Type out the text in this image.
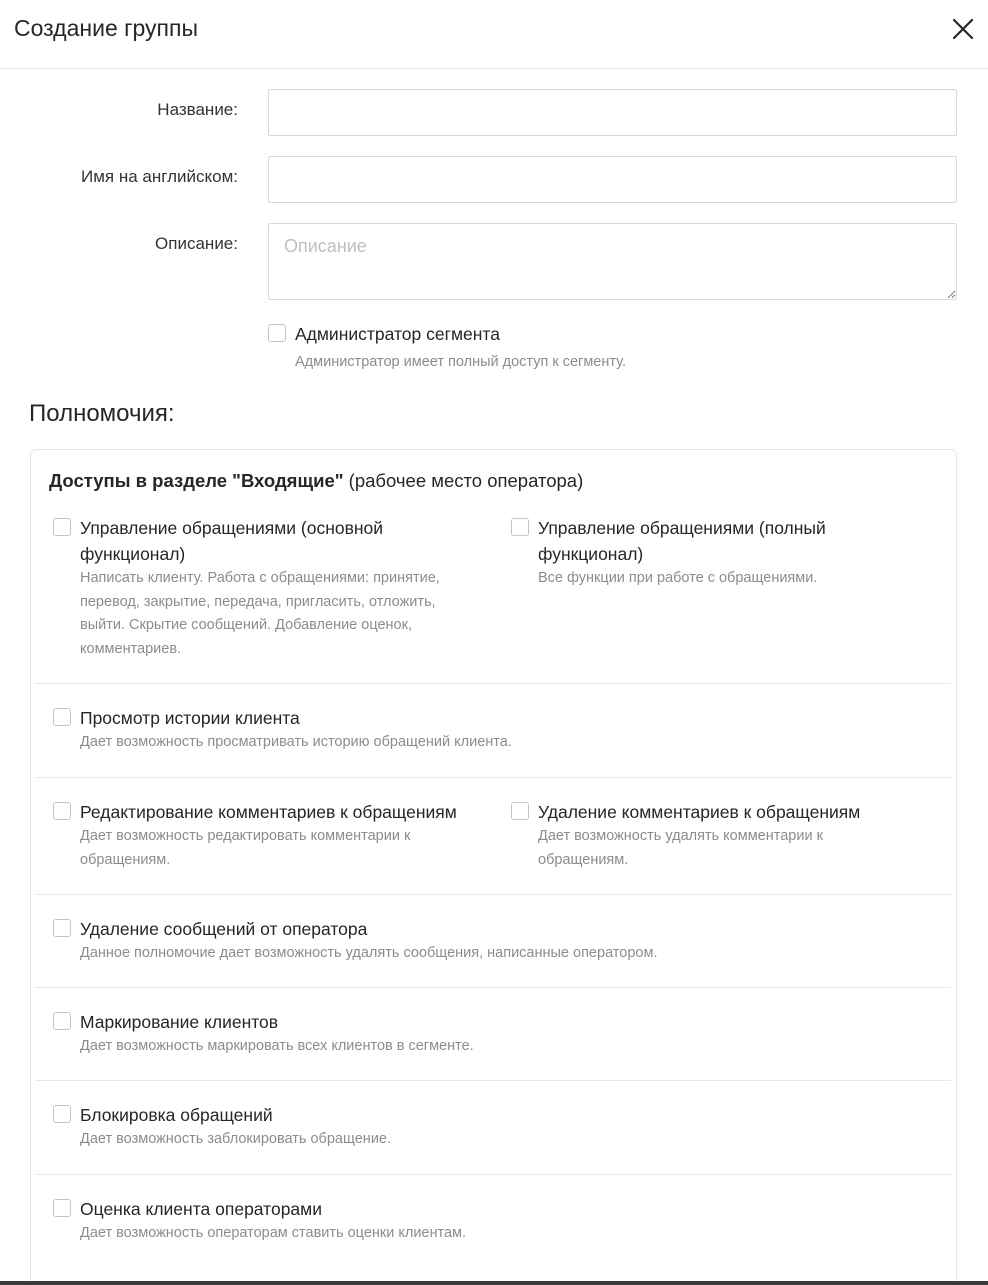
Создание группы
Название:
Имя на английском:
Описание:
Описание
Администратор сегмента
Администратор имеет полный доступ к сегменту.
Полномочия:
Доступы в разделе "Входящие" (рабочее место оператора)
Управление обращениями (основной
функционал)
Написать клиенту. Работа с обращениями: принятие,
перевод, закрытие, передача, пригласить, отложить,
выйти. Скрытие сообщений. Добавление оценок,
комментариев.
Управление обращениями (полный
функционал)
Все функции при работе с обращениями.
Просмотр истории клиента
Дает возможность просматривать историю обращений клиента.
Редактирование комментариев к обращениям
Дает возможность редактировать комментарии к
обращениям.
Удаление комментариев к обращениям
Дает возможность удалять комментарии к
обращениям.
Удаление сообщений от оператора
Данное полномочие дает возможность удалять сообщения, написанные оператором.
Маркирование клиентов
Дает возможность маркировать всех клиентов в сегменте.
Блокировка обращений
Дает возможность заблокировать обращение.
Оценка клиента операторами
Дает возможность операторам ставить оценки клиентам.
